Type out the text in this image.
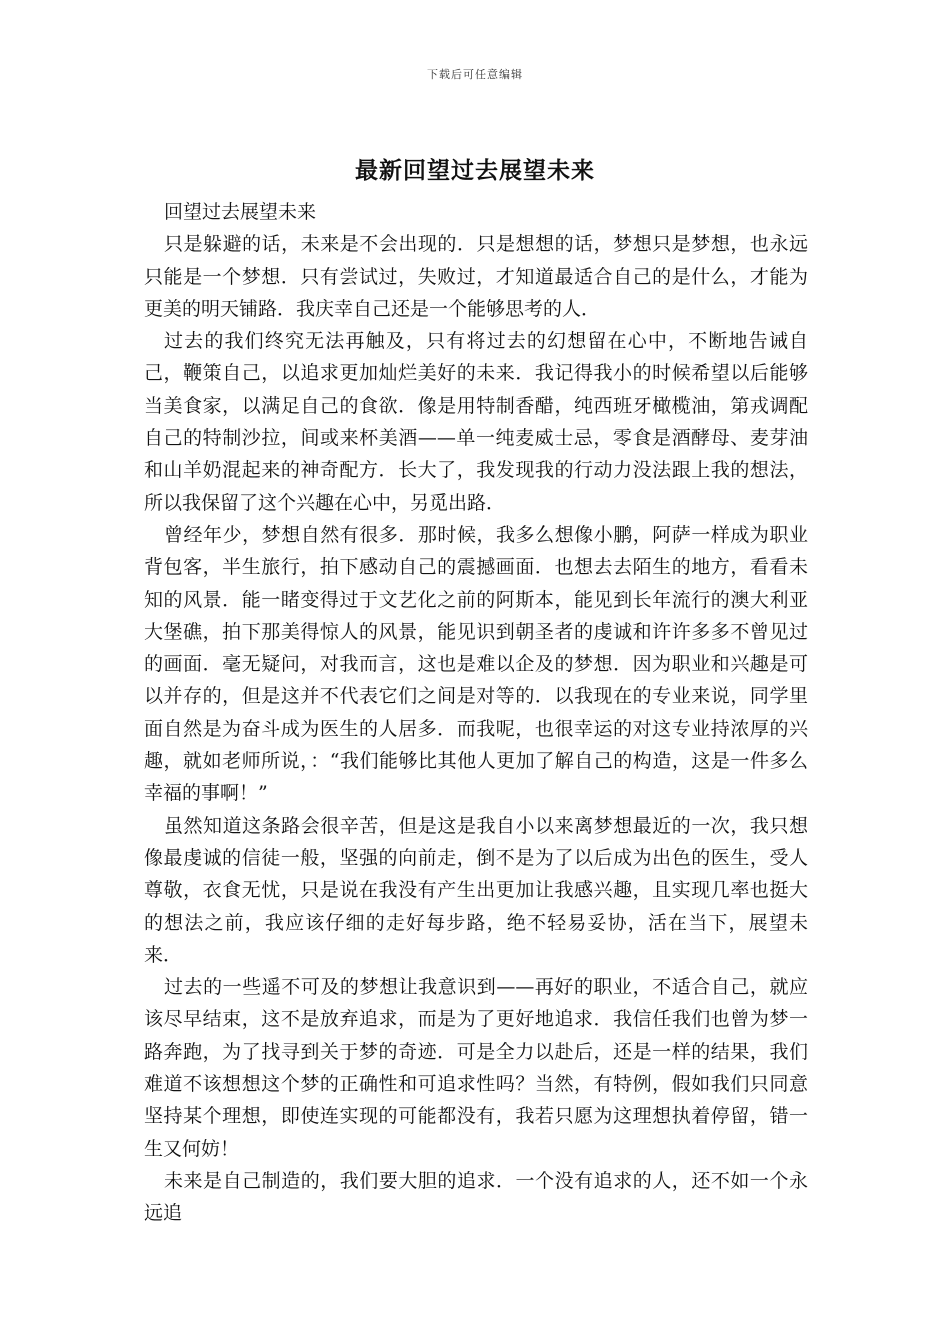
下载后可任意编辑
最新回望过去展望未来

回望过去展望未来

只是躲避的话，未来是不会出现的．只是想想的话，梦想只是梦想，也永远只能是一个梦想．只有尝试过，失败过，才知道最适合自己的是什么，才能为更美的明天铺路．我庆幸自己还是一个能够思考的人．

过去的我们终究无法再触及，只有将过去的幻想留在心中，不断地告诫自己，鞭策自己，以追求更加灿烂美好的未来．我记得我小的时候希望以后能够当美食家，以满足自己的食欲．像是用特制香醋，纯西班牙橄榄油，第戎调配自己的特制沙拉，间或来杯美酒——单一纯麦威士忌，零食是酒酵母、麦芽油和山羊奶混起来的神奇配方．长大了，我发现我的行动力没法跟上我的想法，所以我保留了这个兴趣在心中，另觅出路．

曾经年少，梦想自然有很多．那时候，我多么想像小鹏，阿萨一样成为职业背包客，半生旅行，拍下感动自己的震撼画面．也想去去陌生的地方，看看未知的风景．能一睹变得过于文艺化之前的阿斯本，能见到长年流行的澳大利亚大堡礁，拍下那美得惊人的风景，能见识到朝圣者的虔诚和许许多多不曾见过的画面．毫无疑问，对我而言，这也是难以企及的梦想．因为职业和兴趣是可以并存的，但是这并不代表它们之间是对等的．以我现在的专业来说，同学里面自然是为奋斗成为医生的人居多．而我呢，也很幸运的对这专业持浓厚的兴趣，就如老师所说，：“我们能够比其他人更加了解自己的构造，这是一件多么幸福的事啊！”

虽然知道这条路会很辛苦，但是这是我自小以来离梦想最近的一次，我只想像最虔诚的信徒一般，坚强的向前走，倒不是为了以后成为出色的医生，受人尊敬，衣食无忧，只是说在我没有产生出更加让我感兴趣，且实现几率也挺大的想法之前，我应该仔细的走好每步路，绝不轻易妥协，活在当下，展望未来．

过去的一些遥不可及的梦想让我意识到——再好的职业，不适合自己，就应该尽早结束，这不是放弃追求，而是为了更好地追求．我信任我们也曾为梦一路奔跑，为了找寻到关于梦的奇迹．可是全力以赴后，还是一样的结果，我们难道不该想想这个梦的正确性和可追求性吗？当然，有特例，假如我们只同意坚持某个理想，即使连实现的可能都没有，我若只愿为这理想执着停留，错一生又何妨！

未来是自己制造的，我们要大胆的追求．一个没有追求的人，还不如一个永远追
